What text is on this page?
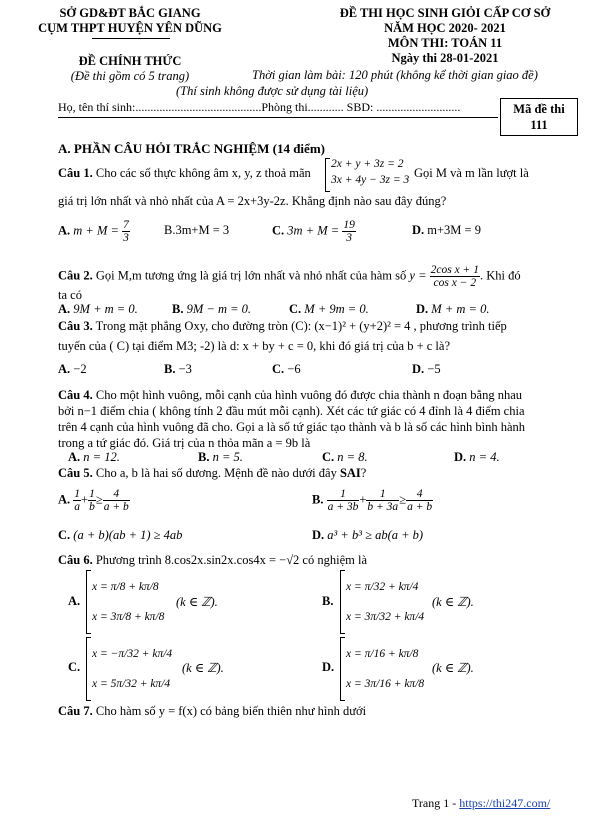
SỞ GD&ĐT BẮC GIANG
CỤM THPT HUYỆN YÊN DŨNG
ĐỀ CHÍNH THỨC
(Đề thi gồm có 5 trang)
ĐỀ THI HỌC SINH GIỎI CẤP CƠ SỞ
NĂM HỌC 2020- 2021
MÔN THI: TOÁN 11
Ngày thi 28-01-2021
Thời gian làm bài: 120 phút (không kể thời gian giao đề)
(Thí sinh không được sử dụng tài liệu)
Họ, tên thí sinh:..........................................Phòng thi............ SBD: ............................	Mã đề thi
111
A. PHẦN CÂU HỎI TRẮC NGHIỆM (14 điểm)
Câu 1. Cho các số thực không âm x, y, z thoả mãn
2x + y + 3z = 2
3x + 4y − 3z = 3 Gọi M và m lần lượt là
giá trị lớn nhất và nhỏ nhất của A = 2x+3y-2z. Khẳng định nào sau đây đúng?
A. $m + M = \frac{7}{3}$	B.3m+M = 3	C. $3m + M = \frac{19}{3}$	D. m+3M = 9
Câu 2. Gọi M,m tương ứng là giá trị lớn nhất và nhỏ nhất của hàm số $y = \frac{\text{2cos x + 1}}{\text{cos x − 2}}$ . Khi đó
ta có
A. 9M + m = 0.	B. 9M − m = 0.	C. M + 9m = 0.	D. M + m = 0.
Câu 3. Trong mặt phẳng Oxy, cho đường tròn (C): (x−1)² + (y+2)² = 4 , phương trình tiếp
tuyến của ( C) tại điểm M3; -2) là d: x + by + c = 0, khi đó giá trị của b + c là?
A. −2	B. −3	C. −6	D. −5
Câu 4. Cho một hình vuông, mỗi cạnh của hình vuông đó được chia thành n đoạn bằng nhau
bởi n−1 điểm chia ( không tính 2 đầu mút mỗi cạnh). Xét các tứ giác có 4 đỉnh là 4 điểm chia
trên 4 cạnh của hình vuông đã cho. Gọi a là số tứ giác tạo thành và b là số các hình bình hành
trong a tứ giác đó. Giá trị của n thỏa mãn a = 9b là
A. n = 12.	B. n = 5.	C. n = 8.	D. n = 4.
Câu 5. Cho a, b là hai số dương. Mệnh đề nào dưới đây SAI?
A. $\frac{1}{a} + \frac{1}{b} \ge \frac{4}{a + b}$	B. $\frac{1}{a + 3b} + \frac{1}{b + 3a} \ge \frac{4}{a + b}$
C. (a + b)(ab + 1) ≥ 4ab	D. a³ + b³ ≥ ab(a + b)
Câu 6. Phương trình 8.cos2x.sin2x.cos4x = −√2 có nghiệm là
A.
x = π/8 + kπ/8
x = 3π/8 + kπ/8
(k ∈ ℤ).	B.
x = π/32 + kπ/4
x = 3π/32 + kπ/4
(k ∈ ℤ).
C.
x = −π/32 + kπ/4
x = 5π/32 + kπ/4
(k ∈ ℤ).	D.
x = π/16 + kπ/8
x = 3π/16 + kπ/8
(k ∈ ℤ).
Câu 7. Cho hàm số y = f(x) có bảng biến thiên như hình dưới
Trang 1 - https://thi247.com/
